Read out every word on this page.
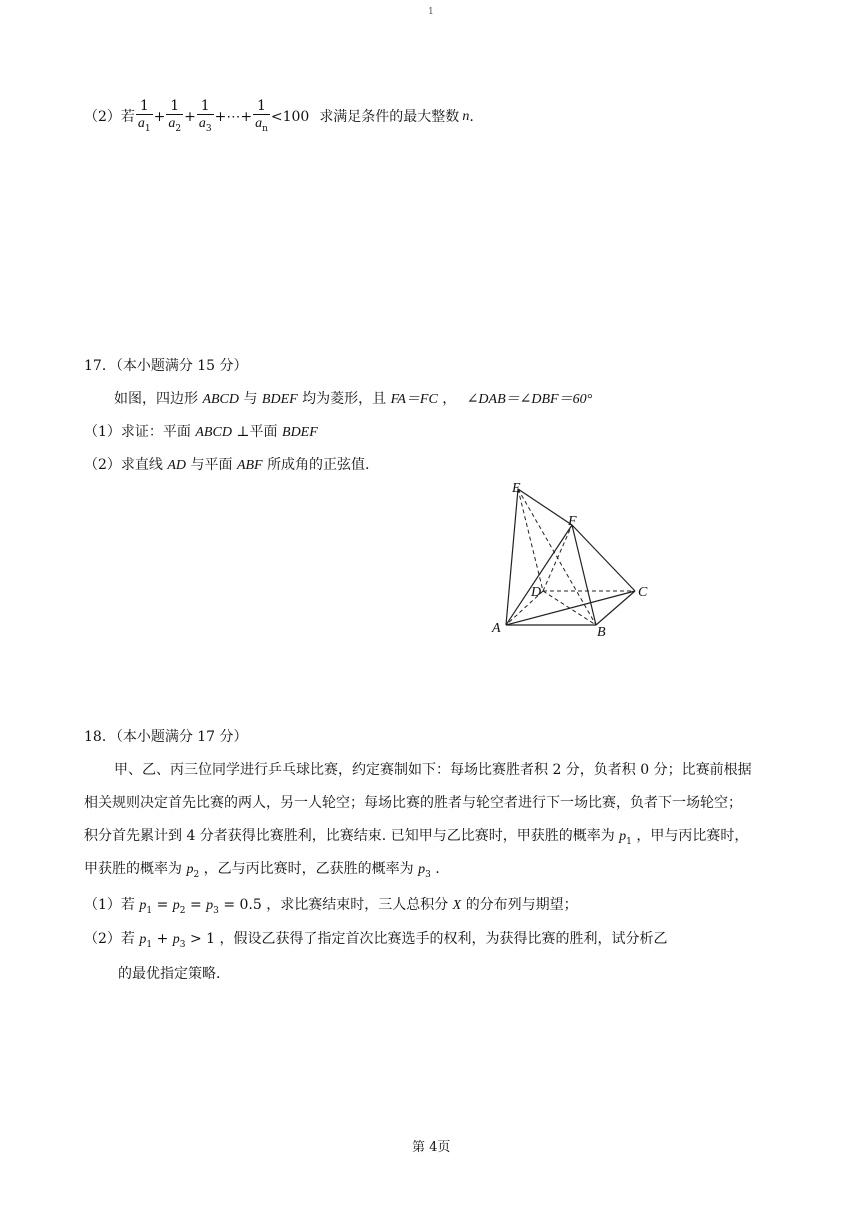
1
（2）若 $\frac{1}{a_1} + \frac{1}{a_2} + \frac{1}{a_3}$ +⋯+ $\frac{1}{a_n} <100$ 求满足条件的最大整数 n .
17．（本小题满分 15 分）
如图，四边形 ABCD 与 BDEF 均为菱形，且 FA＝FC ， ∠DAB＝∠DBF＝60°
（1）求证：平面 ABCD ⊥平面 BDEF
（2）求直线 AD 与平面 ABF 所成角的正弦值.
E
F
D	C
A	B
18．（本小题满分 17 分）
甲、乙、丙三位同学进行乒乓球比赛，约定赛制如下：每场比赛胜者积 2 分，负者积 0 分；比赛前根据
相关规则决定首先比赛的两人，另一人轮空；每场比赛的胜者与轮空者进行下一场比赛，负者下一场轮空；
积分首先累计到 4 分者获得比赛胜利，比赛结束. 已知甲与乙比赛时，甲获胜的概率为 $p_1$ ，甲与丙比赛时，
甲获胜的概率为 $p_2$ ，乙与丙比赛时，乙获胜的概率为 $p_3$ .
（1）若 $p_1 = p_2 = p_3 = 0.5$ ，求比赛结束时，三人总积分 X 的分布列与期望；
（2）若 $p_1 + p_3 > 1$ ，假设乙获得了指定首次比赛选手的权利，为获得比赛的胜利，试分析乙
的最优指定策略.
第 4页
